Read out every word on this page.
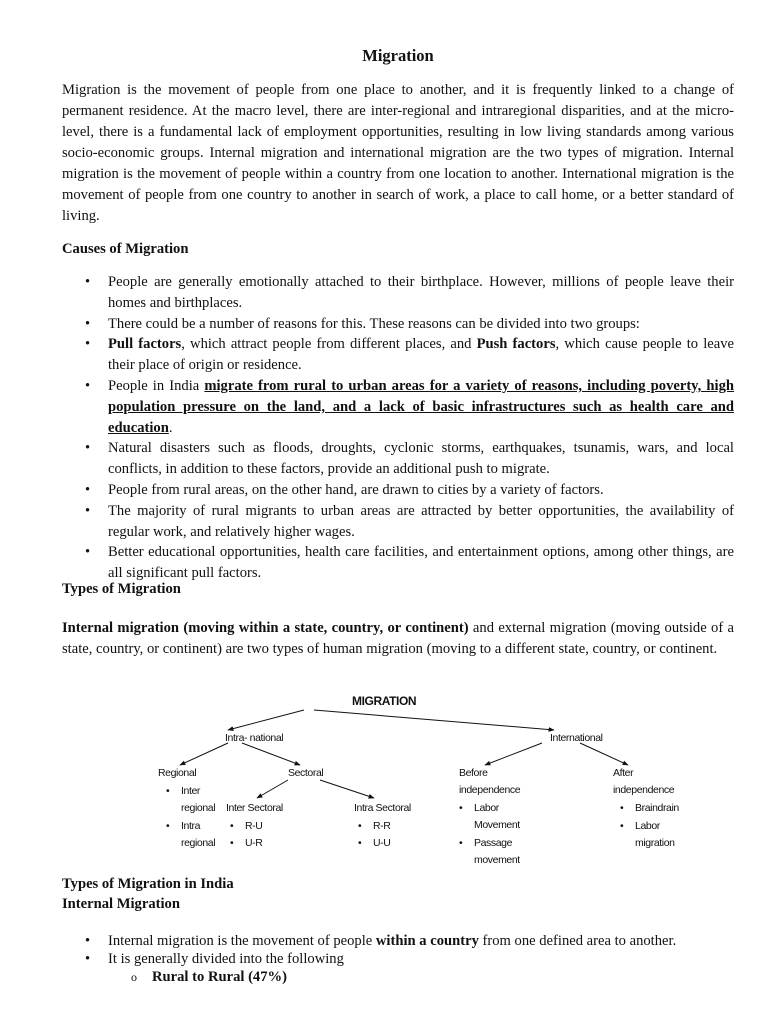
Migration

Migration is the movement of people from one place to another, and it is frequently linked to a change of permanent residence. At the macro level, there are inter-regional and intraregional disparities, and at the micro-level, there is a fundamental lack of employment opportunities, resulting in low living standards among various socio-economic groups. Internal migration and international migration are the two types of migration. Internal migration is the movement of people within a country from one location to another. International migration is the movement of people from one country to another in search of work, a place to call home, or a better standard of living.

Causes of Migration
• People are generally emotionally attached to their birthplace. However, millions of people leave their homes and birthplaces.
• There could be a number of reasons for this. These reasons can be divided into two groups:
• Pull factors, which attract people from different places, and Push factors, which cause people to leave their place of origin or residence.
• People in India migrate from rural to urban areas for a variety of reasons, including poverty, high population pressure on the land, and a lack of basic infrastructures such as health care and education.
• Natural disasters such as floods, droughts, cyclonic storms, earthquakes, tsunamis, wars, and local conflicts, in addition to these factors, provide an additional push to migrate.
• People from rural areas, on the other hand, are drawn to cities by a variety of factors.
• The majority of rural migrants to urban areas are attracted by better opportunities, the availability of regular work, and relatively higher wages.
• Better educational opportunities, health care facilities, and entertainment options, among other things, are all significant pull factors.
Types of Migration

Internal migration (moving within a state, country, or continent) and external migration (moving outside of a state, country, or continent) are two types of human migration (moving to a different state, country, or continent.

Types of Migration in India
Internal Migration
• Internal migration is the movement of people within a country from one defined area to another.
• It is generally divided into the following
o Rural to Rural (47%)
MIGRATION
Intra- national	International
Regional
• Inter
regional
• Intra
regional
Sectoral
Inter Sectoral
• R-U
• U-R
Intra Sectoral
• R-R
• U-U
Before
independence
• Labor
Movement
• Passage
movement
After
independence
• Braindrain
• Labor
migration
